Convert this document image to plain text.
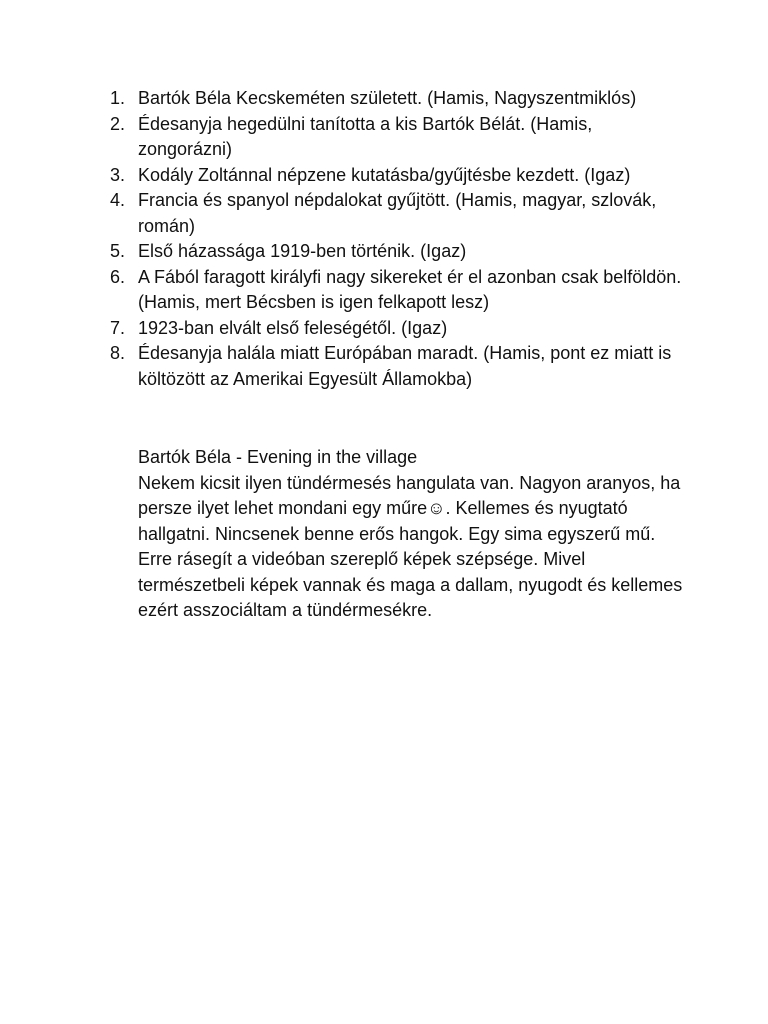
1. Bartók Béla Kecskeméten született. (Hamis, Nagyszentmiklós)
2. Édesanyja hegedülni tanította a kis Bartók Bélát. (Hamis, zongorázni)
3. Kodály Zoltánnal népzene kutatásba/gyűjtésbe kezdett. (Igaz)
4. Francia és spanyol népdalokat gyűjtött. (Hamis, magyar, szlovák, román)
5. Első házassága 1919-ben történik. (Igaz)
6. A Fából faragott királyfi nagy sikereket ér el azonban csak belföldön. (Hamis, mert Bécsben is igen felkapott lesz)
7. 1923-ban elvált első feleségétől. (Igaz)
8. Édesanyja halála miatt Európában maradt. (Hamis, pont ez miatt is költözött az Amerikai Egyesült Államokba)

Bartók Béla - Evening in the village

Nekem kicsit ilyen tündérmesés hangulata van. Nagyon aranyos, ha persze ilyet lehet mondani egy műre☺. Kellemes és nyugtató hallgatni. Nincsenek benne erős hangok. Egy sima egyszerű mű. Erre rásegít a videóban szereplő képek szépsége. Mivel természetbeli képek vannak és maga a dallam, nyugodt és kellemes ezért asszociáltam a tündérmesékre.
